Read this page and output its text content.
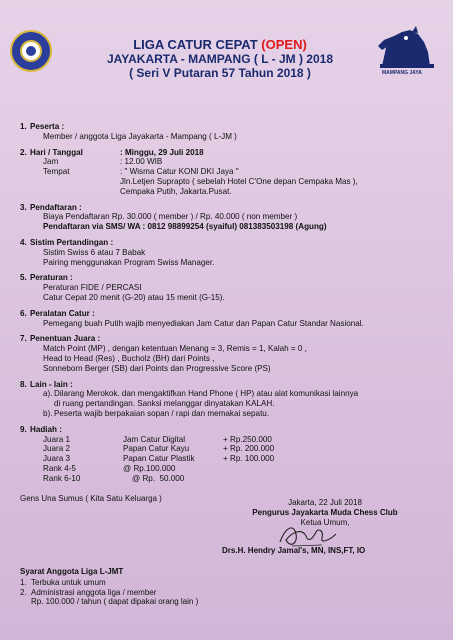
MAMPANG JAYA
LIGA CATUR CEPAT (OPEN)
JAYAKARTA - MAMPANG ( L - JM ) 2018
( Seri V Putaran 57 Tahun 2018 )
1. Peserta :
Member / anggota Liga Jayakarta - Mampang ( L-JM )
2. Hari / Tanggal	: Minggu, 29 Juli 2018
Jam	: 12.00 WIB
Tempat	: " Wisma Catur KONI DKI Jaya "
Jln.Letjen Suprapto ( sebelah Hotel C'One depan Cempaka Mas ),
Cempaka Putih, Jakarta.Pusat.
3. Pendaftaran :
Biaya Pendaftaran Rp. 30.000 ( member ) / Rp. 40.000 ( non member )
Pendaftaran via SMS/ WA : 0812 98899254 (syaiful) 081383503198 (Agung)
4. Sistim Pertandingan :
Sistim Swiss 6 atau 7 Babak
Pairing menggunakan Program Swiss Manager.
5. Peraturan :
Peraturan FIDE / PERCASI
Catur Cepat 20 menit (G-20) atau 15 menit (G-15).
6. Peralatan Catur :
Pemegang buah Putih wajib menyediakan Jam Catur dan Papan Catur Standar Nasional.
7. Penentuan Juara :
Match Point (MP) , dengan ketentuan Menang = 3, Remis = 1, Kalah = 0 ,
Head to Head (Res) , Bucholz (BH) dari Points ,
Sonneborn Berger (SB) dari Points dan Progressive Score (PS)
8. Lain - lain :
a). Dilarang Merokok. dan mengaktifkan Hand Phone ( HP) atau alat komunikasi lainnya
di ruang pertandingan. Sanksi melanggar dinyatakan KALAH.
b). Peserta wajib berpakaian sopan / rapi dan memakai sepatu.
9. Hadiah :
Juara 1	Jam Catur Digital	+ Rp.250.000
Juara 2	Papan Catur Kayu	+ Rp. 200.000
Juara 3	Papan Catur Plastik	+ Rp. 100.000
Rank 4-5	@ Rp.100.000
Rank 6-10	@ Rp.  50.000
Gens Una Sumus ( Kita Satu Keluarga )	Jakarta, 22 Juli 2018
Pengurus Jayakarta Muda Chess Club
Ketua Umum,
Drs.H. Hendry Jamal's, MN, INS,FT, IO
Syarat Anggota Liga L-JMT
1. Terbuka untuk umum
2. Administrasi anggota liga / member
Rp. 100.000 / tahun ( dapat dipakai orang lain )
